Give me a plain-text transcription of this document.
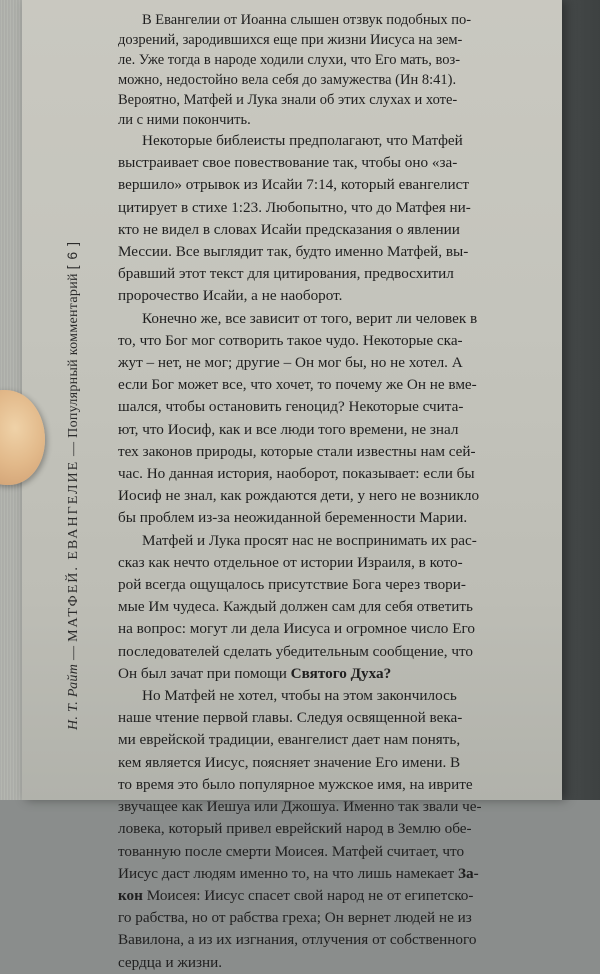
Н. Т. Райт — МАТФЕЙ. ЕВАНГЕЛИЕ — Популярный комментарий [ 6 ]

В Евангелии от Иоанна слышен отзвук подобных по-
дозрений, зародившихся еще при жизни Иисуса на зем-
ле. Уже тогда в народе ходили слухи, что Его мать, воз-
можно, недостойно вела себя до замужества (Ин 8:41).
Вероятно, Матфей и Лука знали об этих слухах и хоте-
ли с ними покончить.

Некоторые библеисты предполагают, что Матфей
выстраивает свое повествование так, чтобы оно «за-
вершило» отрывок из Исайи 7:14, который евангелист
цитирует в стихе 1:23. Любопытно, что до Матфея ни-
кто не видел в словах Исайи предсказания о явлении
Мессии. Все выглядит так, будто именно Матфей, вы-
бравший этот текст для цитирования, предвосхитил
пророчество Исайи, а не наоборот.

Конечно же, все зависит от того, верит ли человек в
то, что Бог мог сотворить такое чудо. Некоторые ска-
жут – нет, не мог; другие – Он мог бы, но не хотел. А
если Бог может все, что хочет, то почему же Он не вме-
шался, чтобы остановить геноцид? Некоторые счита-
ют, что Иосиф, как и все люди того времени, не знал
тех законов природы, которые стали известны нам сей-
час. Но данная история, наоборот, показывает: если бы
Иосиф не знал, как рождаются дети, у него не возникло
бы проблем из-за неожиданной беременности Марии.

Матфей и Лука просят нас не воспринимать их рас-
сказ как нечто отдельное от истории Израиля, в кото-
рой всегда ощущалось присутствие Бога через твори-
мые Им чудеса. Каждый должен сам для себя ответить
на вопрос: могут ли дела Иисуса и огромное число Его
последователей сделать убедительным сообщение, что
Он был зачат при помощи Святого Духа?

Но Матфей не хотел, чтобы на этом закончилось
наше чтение первой главы. Следуя освященной века-
ми еврейской традиции, евангелист дает нам понять,
кем является Иисус, поясняет значение Его имени. В
то время это было популярное мужское имя, на иврите
звучащее как Иешуа или Джошуа. Именно так звали че-
ловека, который привел еврейский народ в Землю обе-
тованную после смерти Моисея. Матфей считает, что
Иисус даст людям именно то, на что лишь намекает За-
кон Моисея: Иисус спасет свой народ не от египетско-
го рабства, но от рабства греха; Он вернет людей не из
Вавилона, а из их изгнания, отлучения от собственного
сердца и жизни.
